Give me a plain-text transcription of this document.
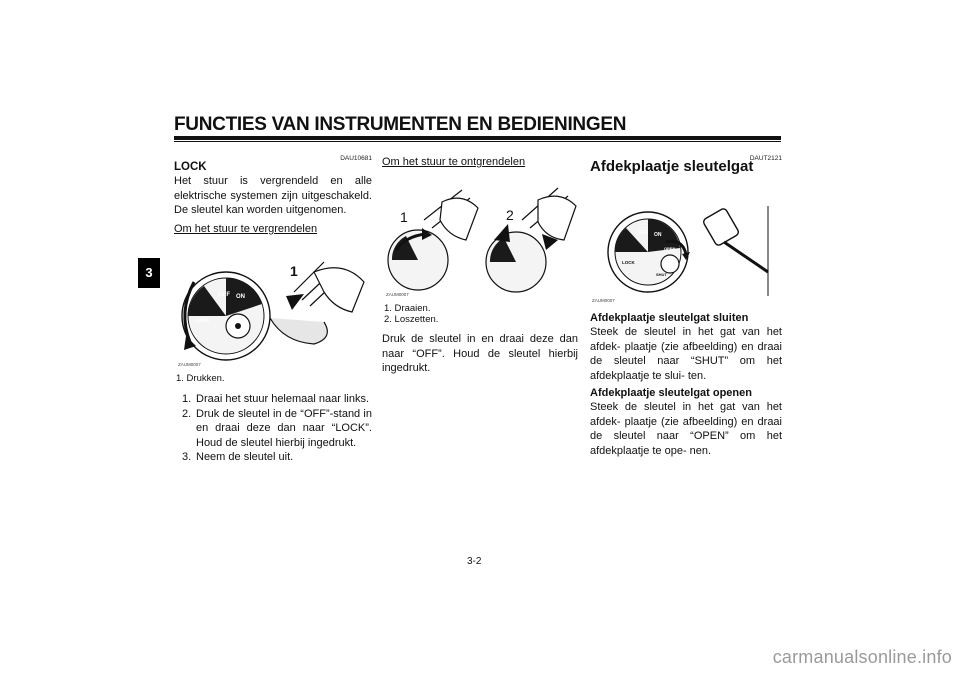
FUNCTIES VAN INSTRUMENTEN EN BEDIENINGEN
3
DAU10681
LOCK
Het stuur is vergrendeld en alle elektrische systemen zijn uitgeschakeld. De sleutel kan worden uitgenomen.
Om het stuur te vergrendelen
OFF ON
LOCK
1
ZAUM0007
1. Drukken.
1. Draai het stuur helemaal naar links.
2. Druk de sleutel in de “OFF”-stand in en draai deze dan naar “LOCK”. Houd de sleutel hierbij ingedrukt.
3. Neem de sleutel uit.
Om het stuur te ontgrendelen
1	2
ZAUM0007
1. Draaien.
2. Loszetten.
Druk de sleutel in en draai deze dan naar “OFF”. Houd de sleutel hierbij ingedrukt.
DAUT2121
Afdekplaatje sleutelgat
OFF ON
OPEN
SHUT
LOCK
ZAUM0007
Afdekplaatje sleutelgat sluiten
Steek de sleutel in het gat van het afdek- plaatje (zie afbeelding) en draai de sleutel naar “SHUT” om het afdekplaatje te slui- ten.
Afdekplaatje sleutelgat openen
Steek de sleutel in het gat van het afdek- plaatje (zie afbeelding) en draai de sleutel naar “OPEN” om het afdekplaatje te ope- nen.
3-2
carmanualsonline.info
